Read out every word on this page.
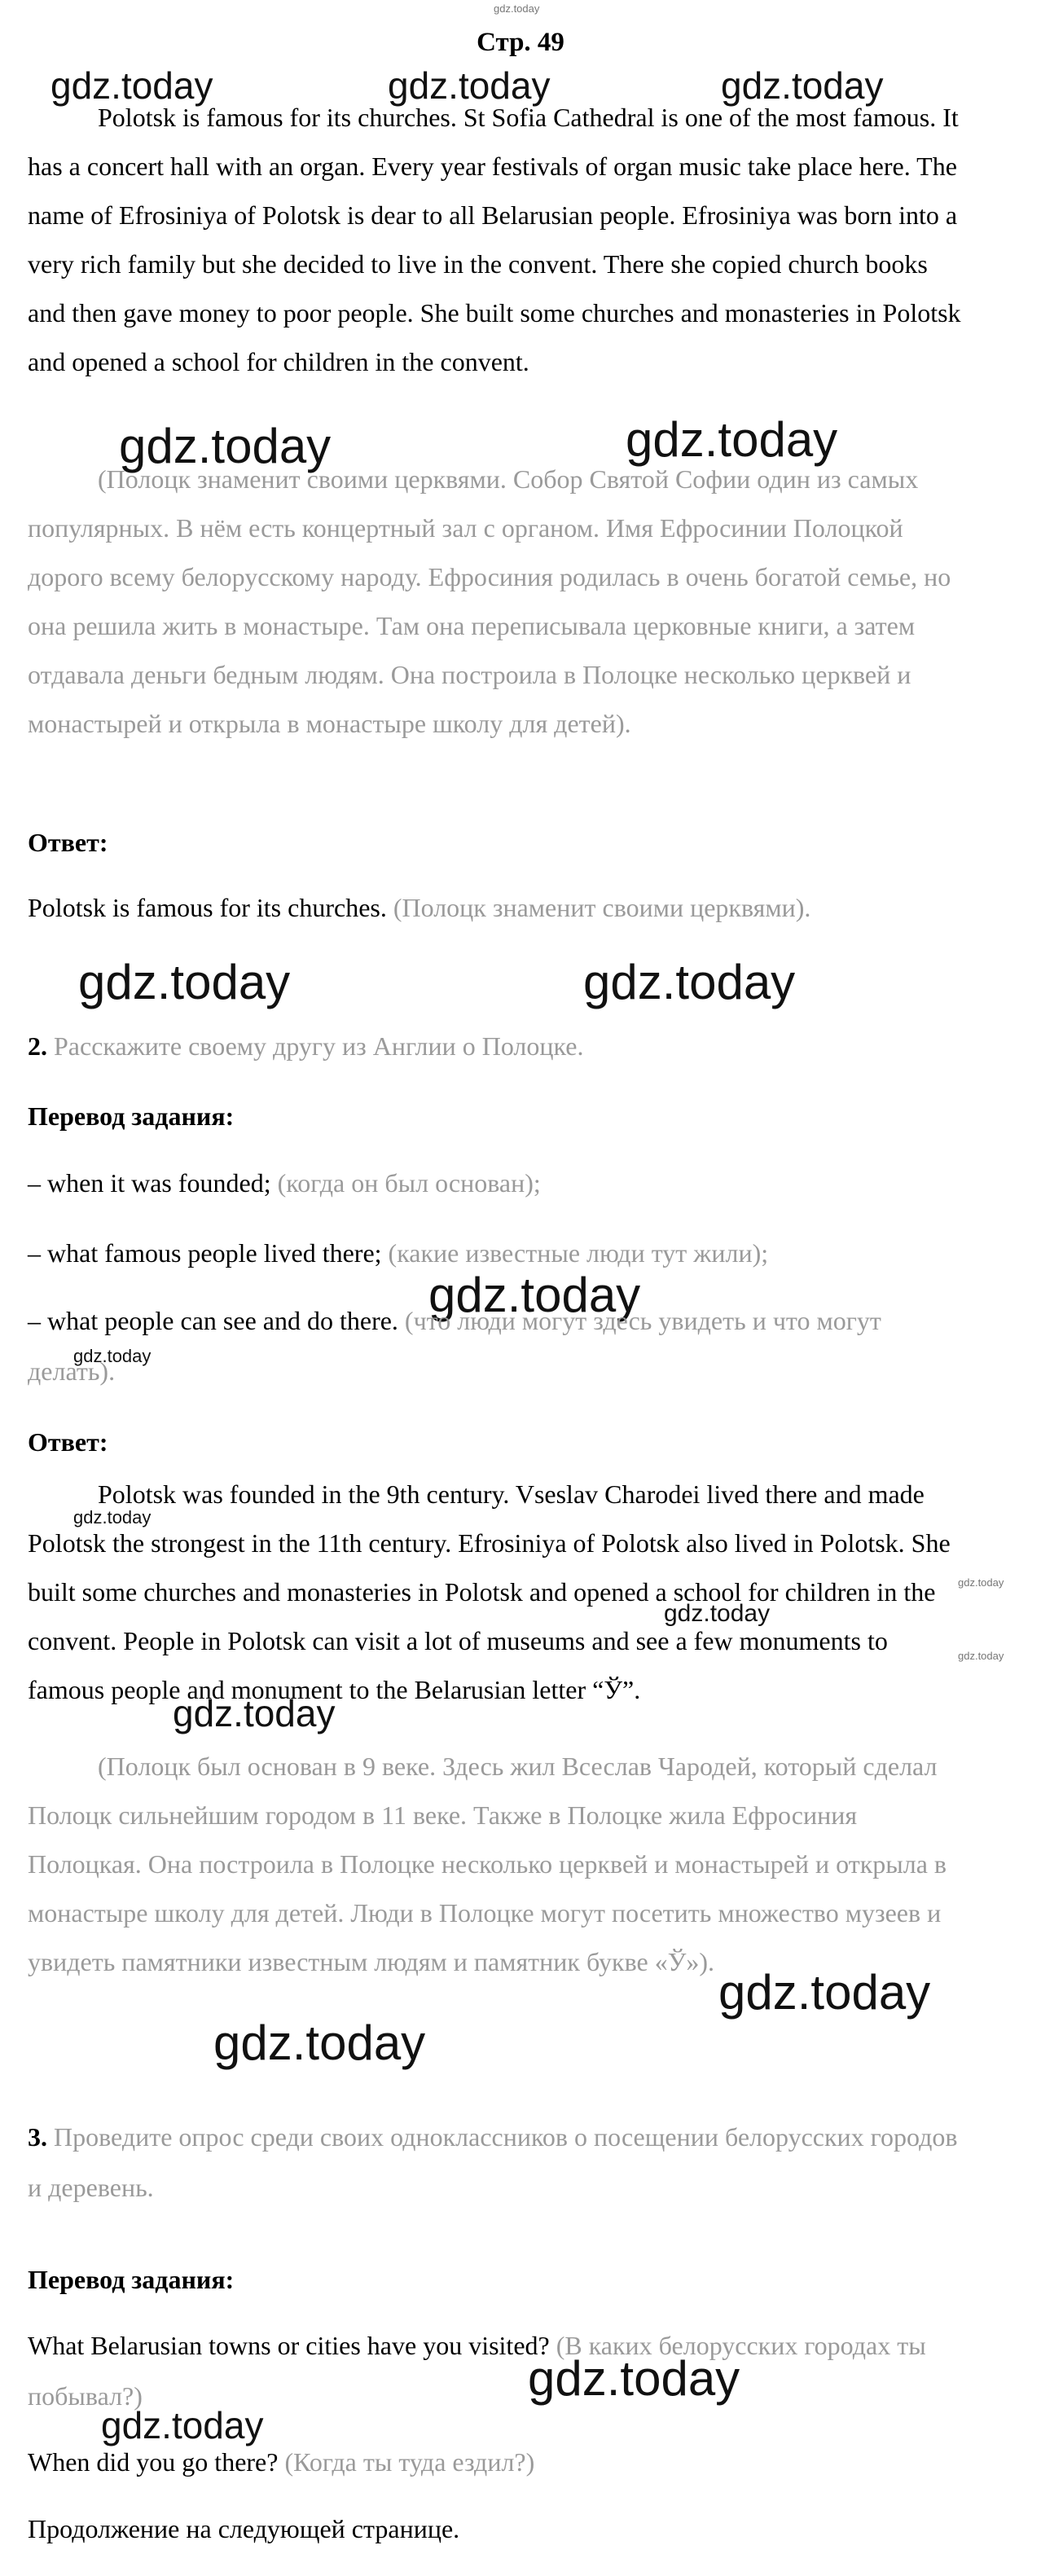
gdz.today
Стр. 49
gdz.today	gdz.today	gdz.today
Polotsk is famous for its churches. St Sofia Cathedral is one of the most famous. It has a concert hall with an organ. Every year festivals of organ music take place here. The name of Efrosiniya of Polotsk is dear to all Belarusian people. Efrosiniya was born into a very rich family but she decided to live in the convent. There she copied church books and then gave money to poor people. She built some churches and monasteries in Polotsk and opened a school for children in the convent.
gdz.today	gdz.today
(Полоцк знаменит своими церквями. Собор Святой Софии один из самых популярных. В нём есть концертный зал с органом. Имя Ефросинии Полоцкой дорого всему белорусскому народу. Ефросиния родилась в очень богатой семье, но она решила жить в монастыре. Там она переписывала церковные книги, а затем отдавала деньги бедным людям. Она построила в Полоцке несколько церквей и монастырей и открыла в монастыре школу для детей).
Ответ:
Polotsk is famous for its churches. (Полоцк знаменит своими церквями).
gdz.today	gdz.today
2. Расскажите своему другу из Англии о Полоцке.
Перевод задания:
– when it was founded; (когда он был основан);
– what famous people lived there; (какие известные люди тут жили);
gdz.today
– what people can see and do there. (что люди могут здесь увидеть и что могут делать).
gdz.today
Ответ:
Polotsk was founded in the 9th century. Vseslav Charodei lived there and made Polotsk the strongest in the 11th century. Efrosiniya of Polotsk also lived in Polotsk. She built some churches and monasteries in Polotsk and opened a school for children in the convent. People in Polotsk can visit a lot of museums and see a few monuments to famous people and monument to the Belarusian letter “Ў”.
gdz.today
gdz.today
gdz.today
gdz.today
gdz.today
(Полоцк был основан в 9 веке. Здесь жил Всеслав Чародей, который сделал Полоцк сильнейшим городом в 11 веке. Также в Полоцке жила Ефросиния Полоцкая. Она построила в Полоцке несколько церквей и монастырей и открыла в монастыре школу для детей. Люди в Полоцке могут посетить множество музеев и увидеть памятники известным людям и памятник букве «Ў»).
gdz.today
gdz.today
3. Проведите опрос среди своих одноклассников о посещении белорусских городов и деревень.
Перевод задания:
What Belarusian towns or cities have you visited? (В каких белорусских городах ты побывал?)	gdz.today
gdz.today
When did you go there? (Когда ты туда ездил?)
Продолжение на следующей странице.
